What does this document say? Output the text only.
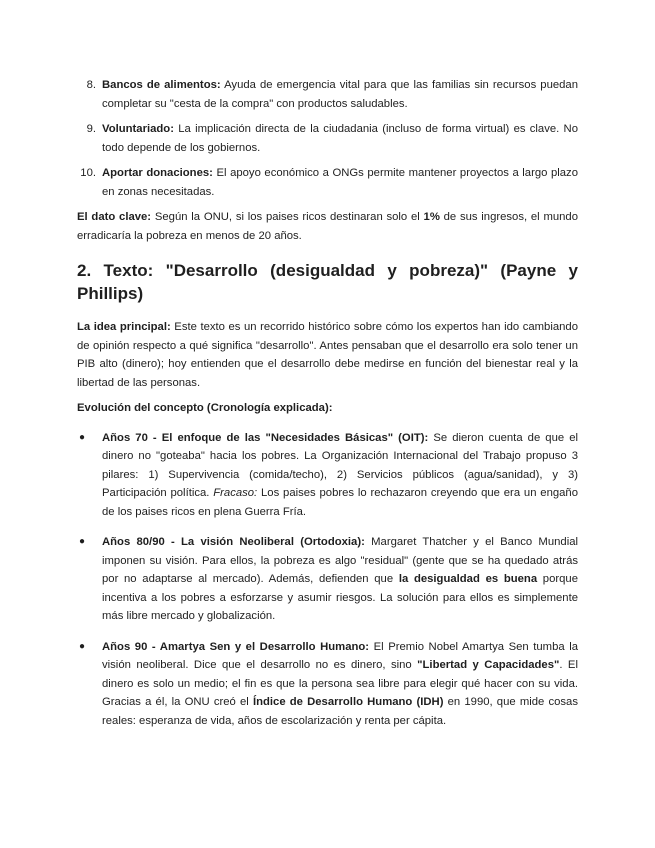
8. Bancos de alimentos: Ayuda de emergencia vital para que las familias sin recursos puedan completar su "cesta de la compra" con productos saludables.
9. Voluntariado: La implicación directa de la ciudadania (incluso de forma virtual) es clave. No todo depende de los gobiernos.
10. Aportar donaciones: El apoyo económico a ONGs permite mantener proyectos a largo plazo en zonas necesitadas.

El dato clave: Según la ONU, si los paises ricos destinaran solo el 1% de sus ingresos, el mundo erradicaría la pobreza en menos de 20 años.

2. Texto: "Desarrollo (desigualdad y pobreza)" (Payne y Phillips)

La idea principal: Este texto es un recorrido histórico sobre cómo los expertos han ido cambiando de opinión respecto a qué significa "desarrollo". Antes pensaban que el desarrollo era solo tener un PIB alto (dinero); hoy entienden que el desarrollo debe medirse en función del bienestar real y la libertad de las personas.

Evolución del concepto (Cronología explicada):

● Años 70 - El enfoque de las "Necesidades Básicas" (OIT): Se dieron cuenta de que el dinero no "goteaba" hacia los pobres. La Organización Internacional del Trabajo propuso 3 pilares: 1) Supervivencia (comida/techo), 2) Servicios públicos (agua/sanidad), y 3) Participación política. Fracaso: Los paises pobres lo rechazaron creyendo que era un engaño de los paises ricos en plena Guerra Fría.
● Años 80/90 - La visión Neoliberal (Ortodoxia): Margaret Thatcher y el Banco Mundial imponen su visión. Para ellos, la pobreza es algo "residual" (gente que se ha quedado atrás por no adaptarse al mercado). Además, defienden que la desigualdad es buena porque incentiva a los pobres a esforzarse y asumir riesgos. La solución para ellos es simplemente más libre mercado y globalización.
● Años 90 - Amartya Sen y el Desarrollo Humano: El Premio Nobel Amartya Sen tumba la visión neoliberal. Dice que el desarrollo no es dinero, sino "Libertad y Capacidades". El dinero es solo un medio; el fin es que la persona sea libre para elegir qué hacer con su vida. Gracias a él, la ONU creó el Índice de Desarrollo Humano (IDH) en 1990, que mide cosas reales: esperanza de vida, años de escolarización y renta per cápita.
